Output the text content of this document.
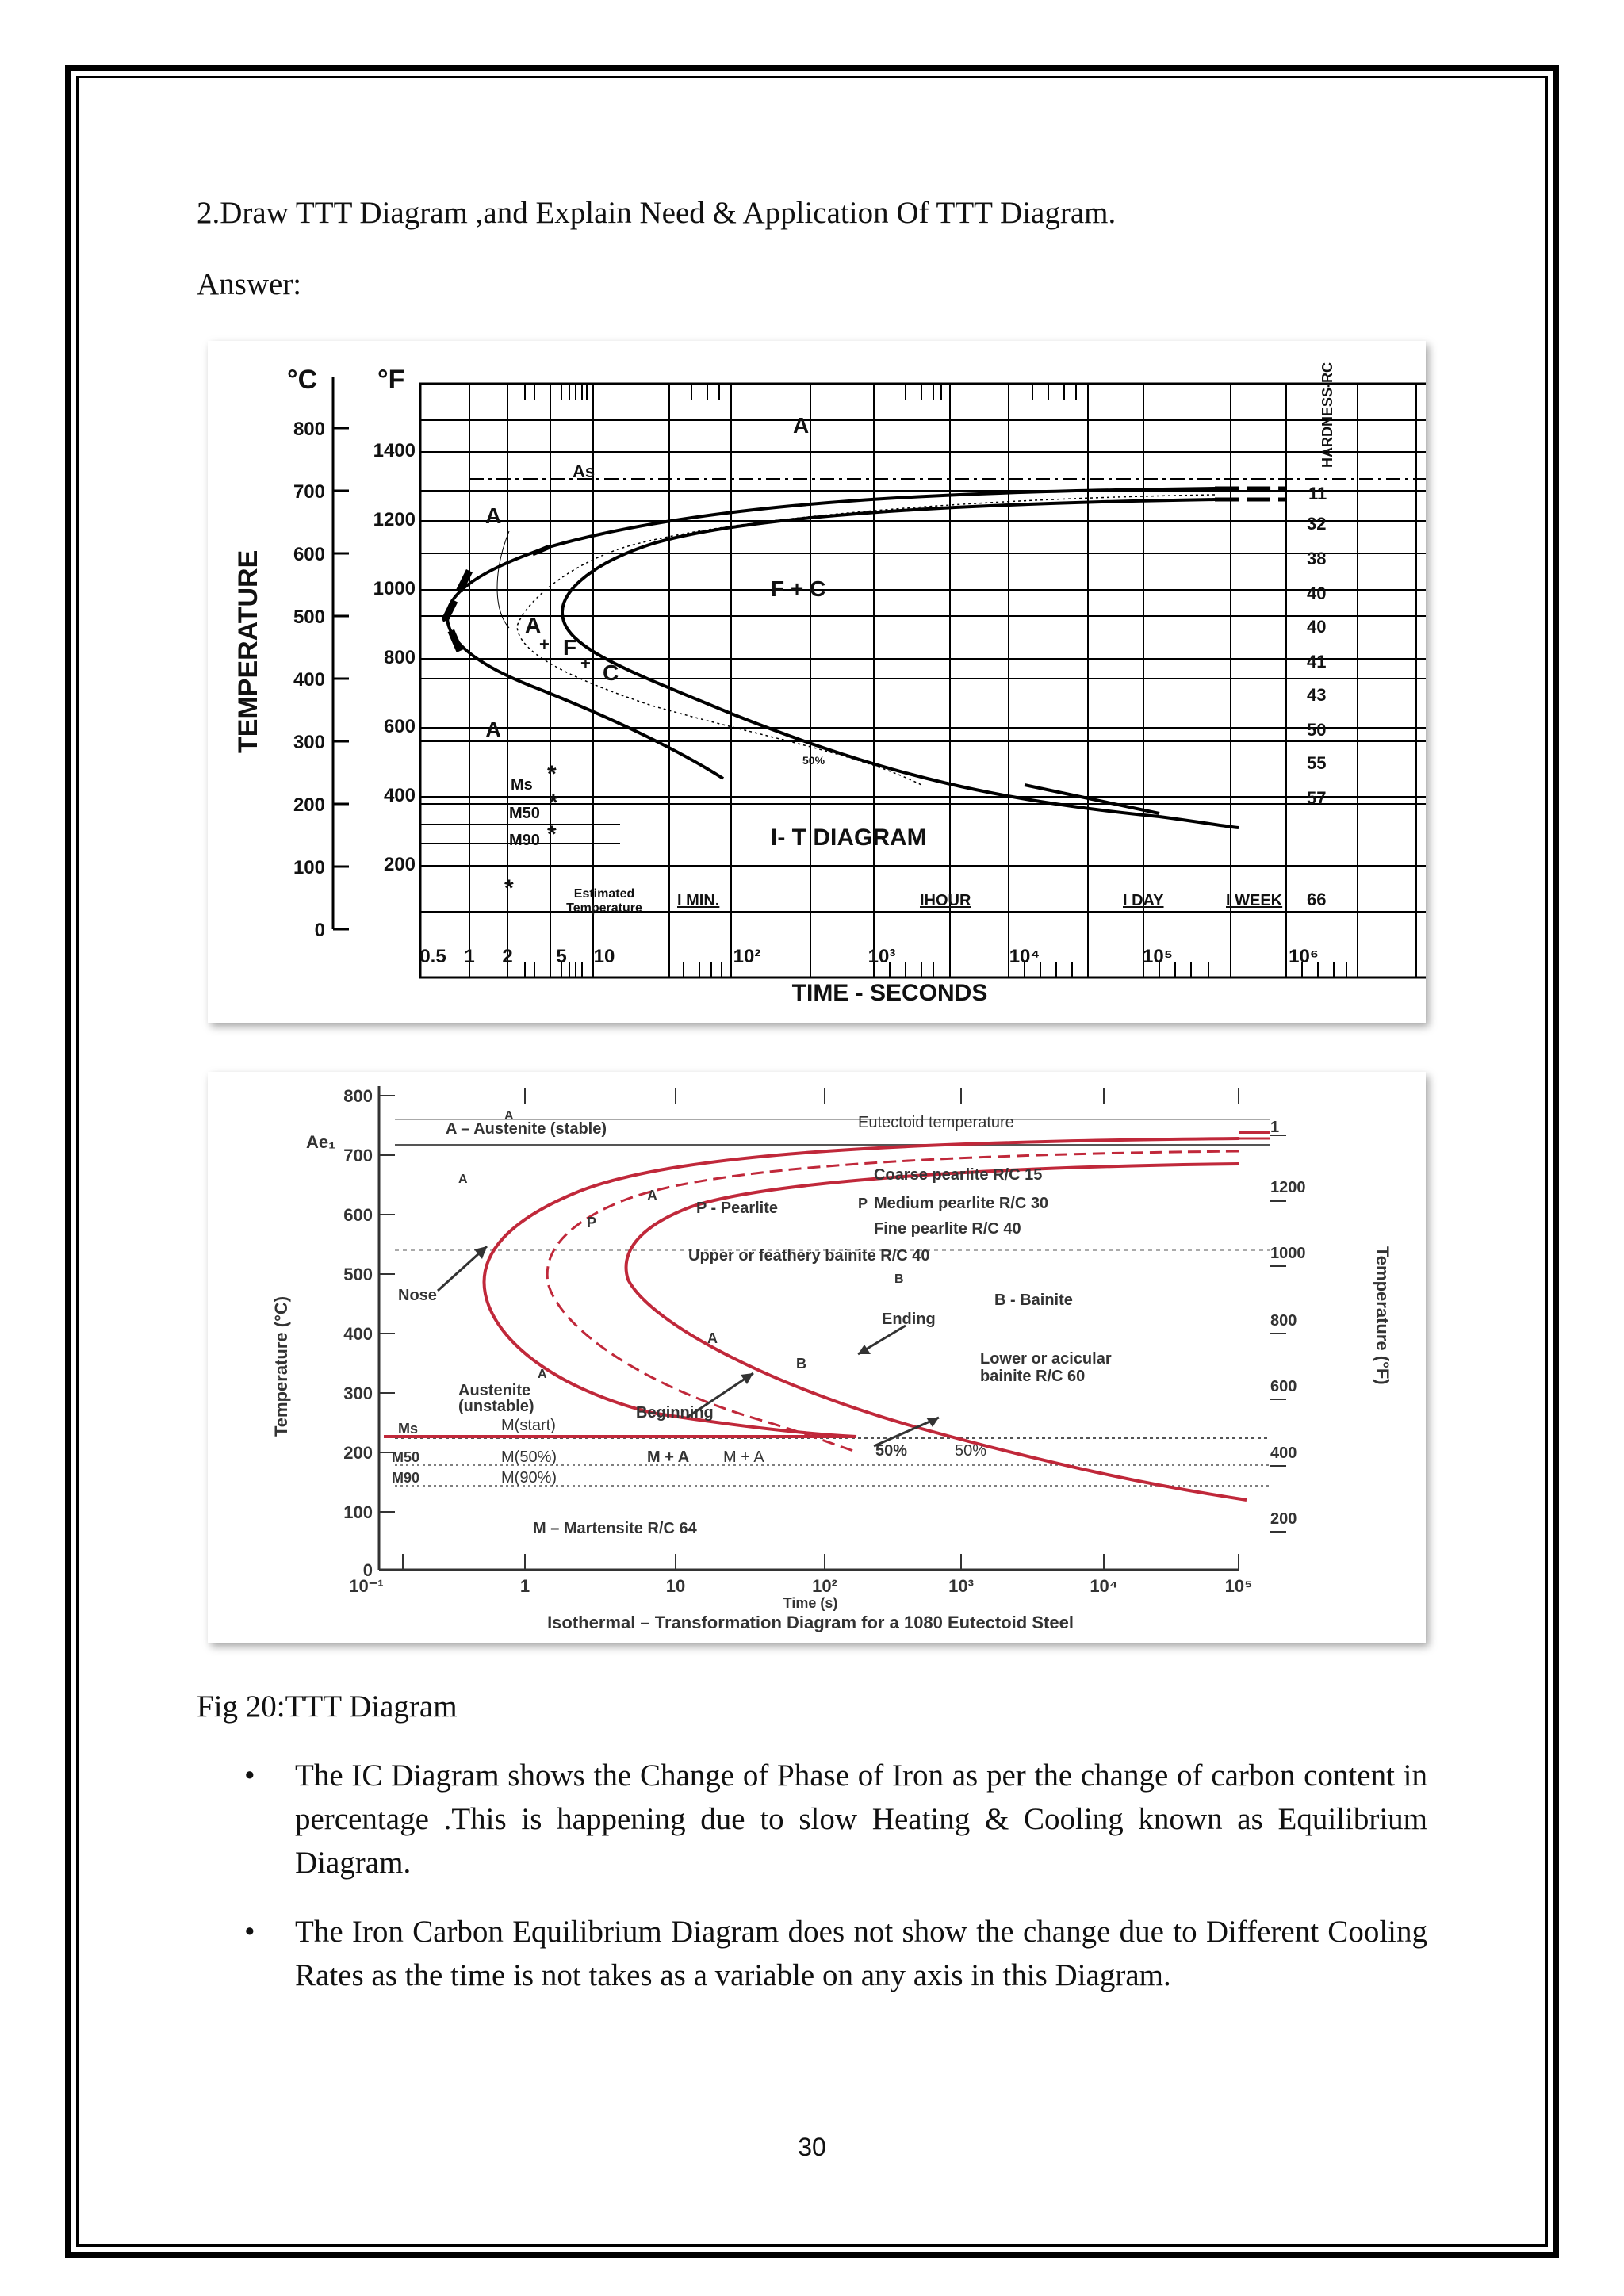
2.Draw TTT Diagram ,and Explain Need & Application Of TTT Diagram.
Answer:
°C °F
TEMPERATURE
800
700
600
500
400
300
200
100
0
1400
1200
1000
800
600
400
200
A
As
A
F + C
A
+ F
+ C
A
Ms
M50
M90
50%
*
*
*
*	Estimated
Temperature I MIN.	IHOUR	I DAY	I WEEK
I- T DIAGRAM
HARDNESS-RC
11
32
38
40
40
41
43
50
55
57
66
0.5 1 2 5 10	10²	10³	10⁴	10⁵	10⁶
TIME - SECONDS
800
700
600
500
400
300
200
100
0
Ae₁
Temperature (°C)	Temperature (°F)
1
1200
1000
800
600
400
200
10⁻¹	1	10	10²	10³	10⁴	10⁵
Time (s)
Isothermal – Transformation Diagram for a 1080 Eutectoid Steel
A – Austenite (stable)
A	Eutectoid temperature
A	Coarse pearlite R/C 15
P Medium pearlite R/C 30
Fine pearlite R/C 40
Upper or feathery bainite R/C 40
P - Pearlite
P
A
B
B - Bainite
A
B
Ending
Lower or acicular
bainite R/C 60
Nose
A
Austenite
(unstable)	Beginning
Ms	M(start)
M50	M(50%)
M90	M(90%)
M + A M + A	50%	50%
M – Martensite R/C 64
Fig 20:TTT Diagram
• The IC Diagram shows the Change of Phase of Iron as per the change of carbon content in percentage .This is happening due to slow Heating & Cooling known as Equilibrium Diagram.
• The Iron Carbon Equilibrium Diagram does not show the change due to Different Cooling Rates as the time is not takes as a variable on any axis in this Diagram.
30
